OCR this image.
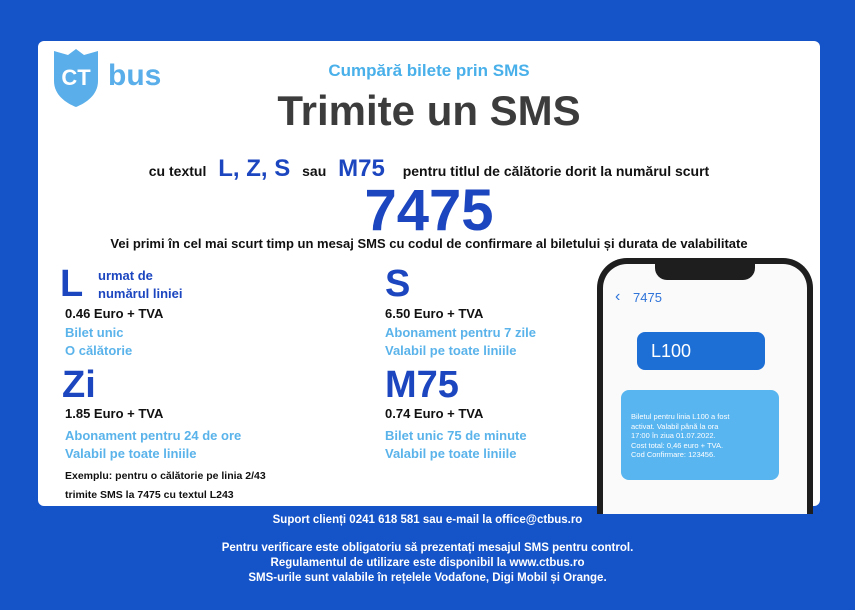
CT bus	Cumpără bilete prin SMS
Trimite un SMS
cu textul L, Z, S sau M75 pentru titlul de călătorie dorit la numărul scurt
7475
Vei primi în cel mai scurt timp un mesaj SMS cu codul de confirmare al biletului și durata de valabilitate
L urmat de
numărul liniei
0.46 Euro + TVA
Bilet unic
O călătorie
S
6.50 Euro + TVA
Abonament pentru 7 zile
Valabil pe toate liniile
Zi
1.85 Euro + TVA
Abonament pentru 24 de ore
Valabil pe toate liniile
M75
0.74 Euro + TVA
Bilet unic 75 de minute
Valabil pe toate liniile
Exemplu: pentru o călătorie pe linia 2/43
trimite SMS la 7475 cu textul L243
‹ 7475
L100
Biletul pentru linia L100 a fost
activat. Valabil până la ora
17:00 în ziua 01.07.2022.
Cost total: 0,46 euro + TVA.
Cod Confirmare: 123456.
Suport clienți 0241 618 581 sau e-mail la office@ctbus.ro
Pentru verificare este obligatoriu să prezentați mesajul SMS pentru control.
Regulamentul de utilizare este disponibil la www.ctbus.ro
SMS-urile sunt valabile în rețelele Vodafone, Digi Mobil și Orange.
